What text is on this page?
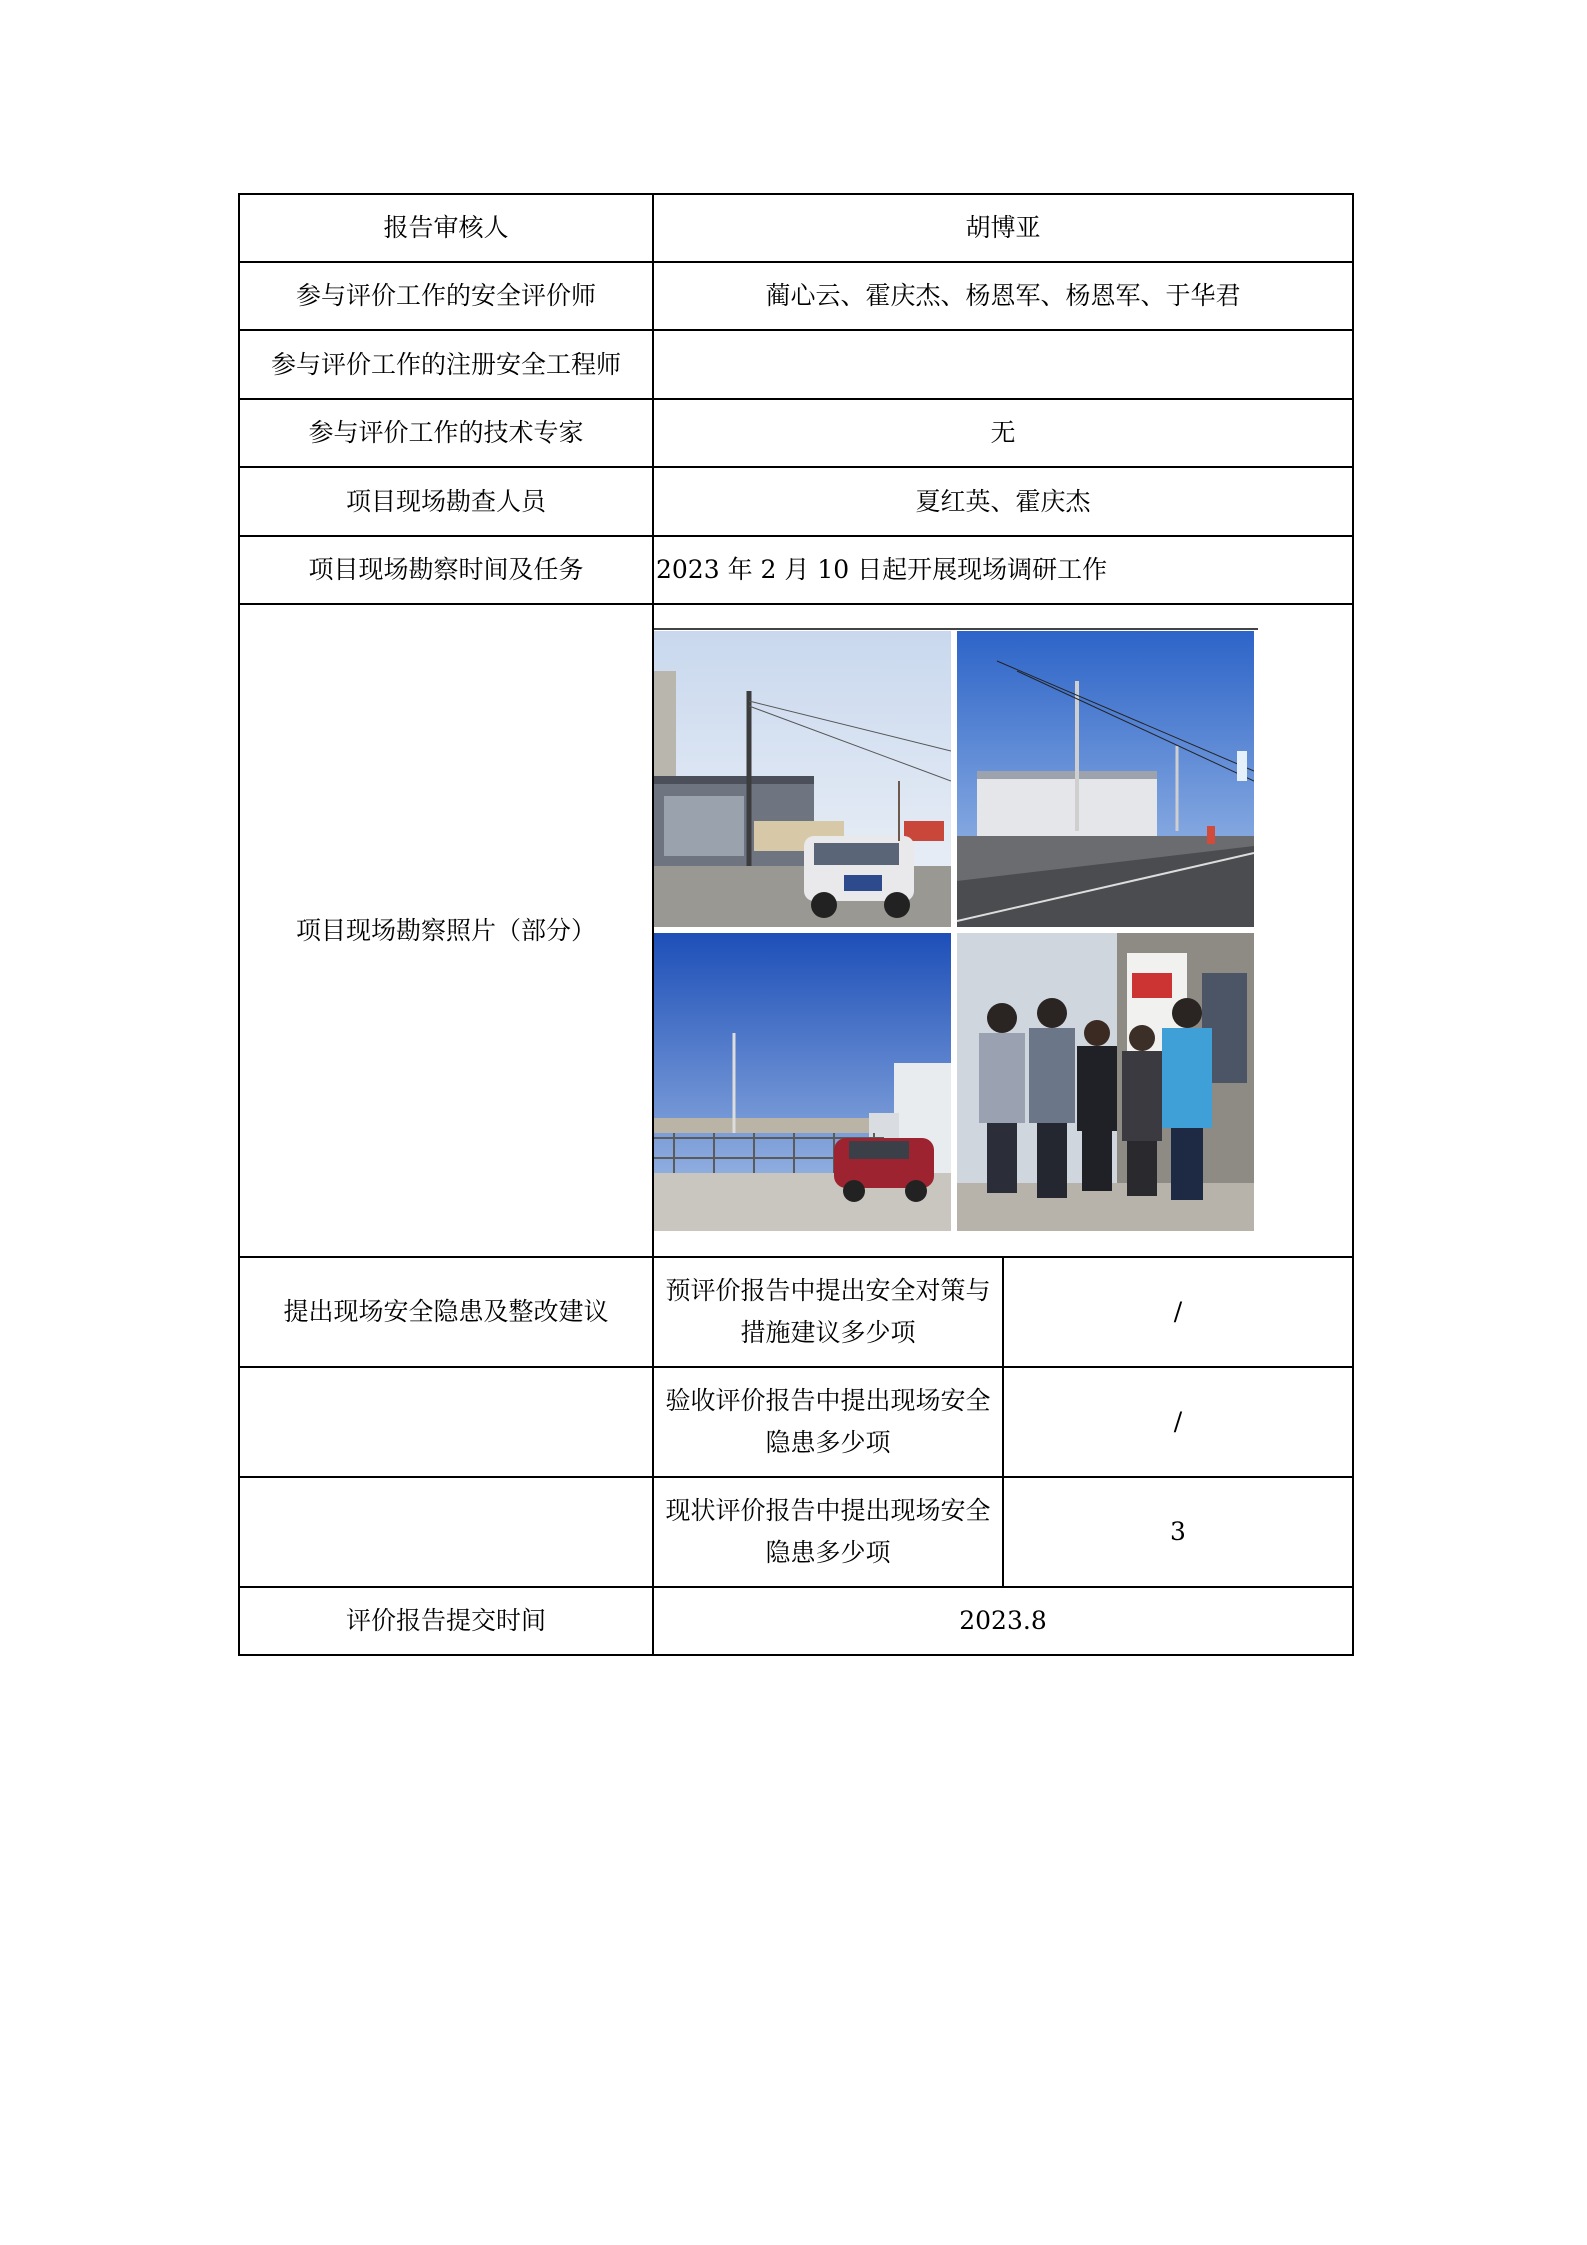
报告审核人	胡博亚	
参与评价工作的安全评价师	蔺心云、霍庆杰、杨恩军、杨恩军、于华君	
参与评价工作的注册安全工程师		
参与评价工作的技术专家	无	
项目现场勘查人员	夏红英、霍庆杰	
项目现场勘察时间及任务	2023 年 2 月 10 日起开展现场调研工作	
项目现场勘察照片（部分）	

提出现场安全隐患及整改建议	预评价报告中提出安全对策与措施建议多少项	/
	验收评价报告中提出现场安全隐患多少项	/
	现状评价报告中提出现场安全隐患多少项	3
评价报告提交时间	2023.8	
